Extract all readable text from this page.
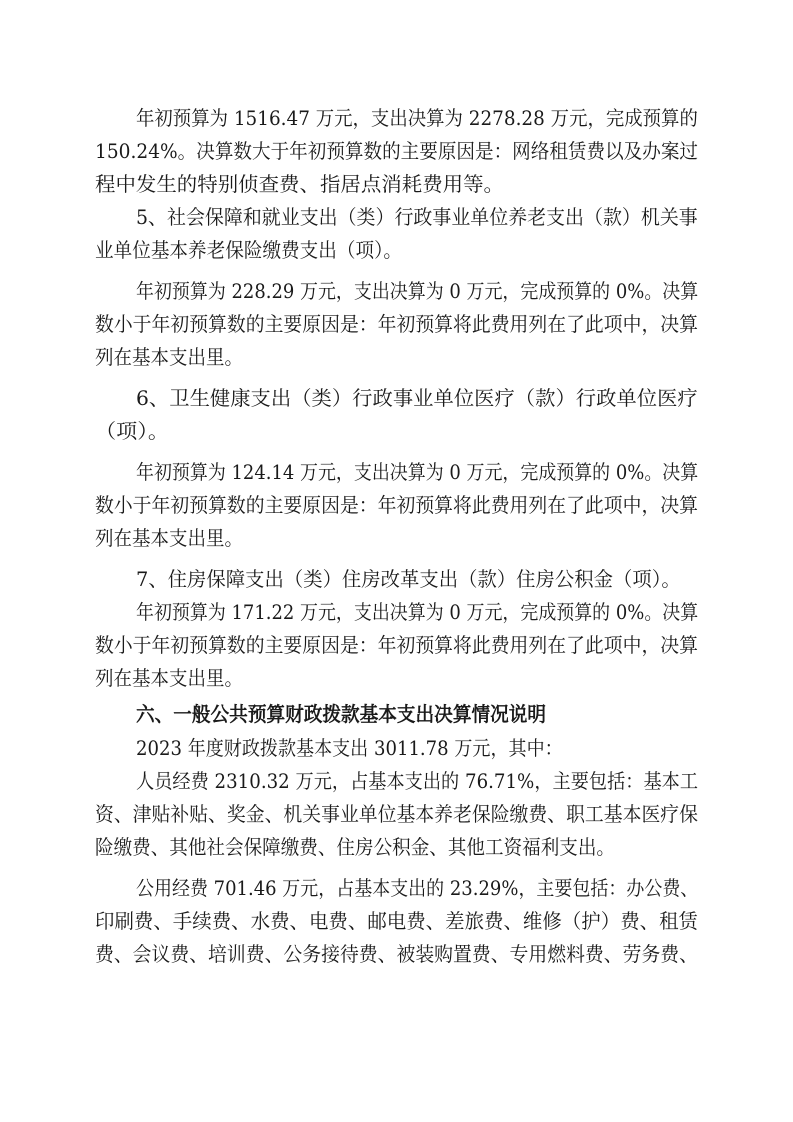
年初预算为 1516.47 万元，支出决算为 2278.28 万元，完成预算的
150.24%。决算数大于年初预算数的主要原因是：网络租赁费以及办案过
程中发生的特别侦查费、指居点消耗费用等。
5、社会保障和就业支出（类）行政事业单位养老支出（款）机关事
业单位基本养老保险缴费支出（项）。
年初预算为 228.29 万元，支出决算为 0 万元，完成预算的 0%。决算
数小于年初预算数的主要原因是：年初预算将此费用列在了此项中，决算
列在基本支出里。
6、卫生健康支出（类）行政事业单位医疗（款）行政单位医疗
（项）。
年初预算为 124.14 万元，支出决算为 0 万元，完成预算的 0%。决算
数小于年初预算数的主要原因是：年初预算将此费用列在了此项中，决算
列在基本支出里。
7、住房保障支出（类）住房改革支出（款）住房公积金（项）。
年初预算为 171.22 万元，支出决算为 0 万元，完成预算的 0%。决算
数小于年初预算数的主要原因是：年初预算将此费用列在了此项中，决算
列在基本支出里。
六、一般公共预算财政拨款基本支出决算情况说明
2023 年度财政拨款基本支出 3011.78 万元，其中：
人员经费 2310.32 万元，占基本支出的 76.71%，主要包括：基本工
资、津贴补贴、奖金、机关事业单位基本养老保险缴费、职工基本医疗保
险缴费、其他社会保障缴费、住房公积金、其他工资福利支出。
公用经费 701.46 万元，占基本支出的 23.29%，主要包括：办公费、
印刷费、手续费、水费、电费、邮电费、差旅费、维修（护）费、租赁
费、会议费、培训费、公务接待费、被装购置费、专用燃料费、劳务费、
